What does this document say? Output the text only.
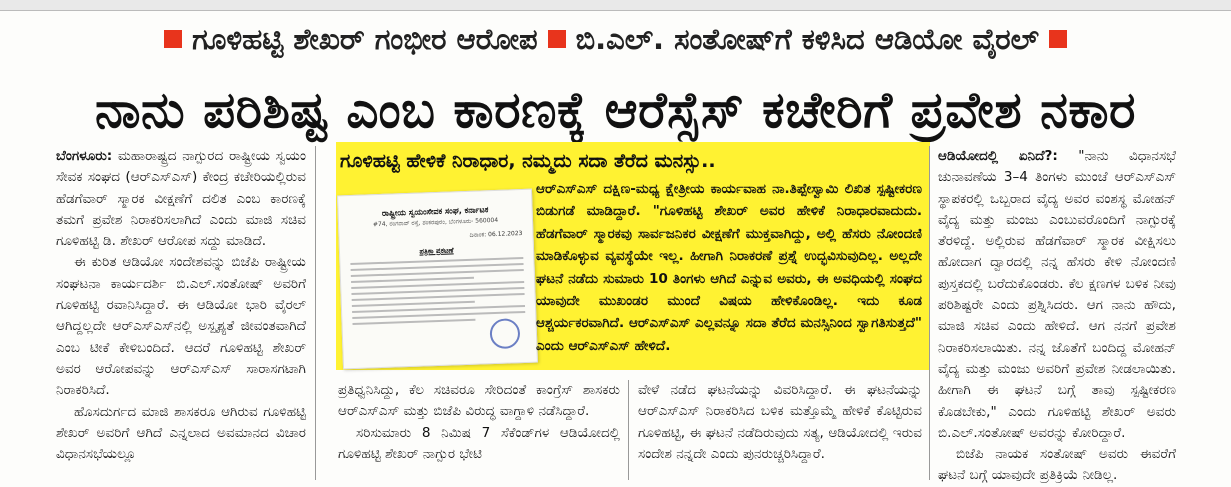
ಗೂಳಿಹಟ್ಟಿ ಶೇಖರ್ ಗಂಭೀರ ಆರೋಪ ಬಿ.ಎಲ್. ಸಂತೋಷ್‌ಗೆ ಕಳಿಸಿದ ಆಡಿಯೋ ವೈರಲ್
ನಾನು ಪರಿಶಿಷ್ಟ ಎಂಬ ಕಾರಣಕ್ಕೆ ಆರೆಸ್ಸೆಸ್ ಕಚೇರಿಗೆ ಪ್ರವೇಶ ನಕಾರ

ಬೆಂಗಳೂರು: ಮಹಾರಾಷ್ಟ್ರದ ನಾಗ್ಪುರದ ರಾಷ್ಟ್ರೀಯ ಸ್ವಯಂ ಸೇವಕ ಸಂಘದ (ಆರ್‌ಎಸ್‌ಎಸ್) ಕೇಂದ್ರ ಕಚೇರಿಯಲ್ಲಿರುವ ಹೆಡಗೆವಾರ್ ಸ್ಮಾರಕ ವೀಕ್ಷಣೆಗೆ ದಲಿತ ಎಂಬ ಕಾರಣಕ್ಕೆ ತಮಗೆ ಪ್ರವೇಶ ನಿರಾಕರಿಸಲಾಗಿದೆ ಎಂದು ಮಾಜಿ ಸಚಿವ ಗೂಳಿಹಟ್ಟಿ ಡಿ. ಶೇಖರ್ ಆರೋಪ ಸದ್ದು ಮಾಡಿದೆ.

ಈ ಕುರಿತ ಆಡಿಯೋ ಸಂದೇಶವನ್ನು ಬಿಜೆಪಿ ರಾಷ್ಟ್ರೀಯ ಸಂಘಟನಾ ಕಾರ್ಯದರ್ಶಿ ಬಿ.ಎಲ್.ಸಂತೋಷ್ ಅವರಿಗೆ ಗೂಳಿಹಟ್ಟಿ ರವಾನಿಸಿದ್ದಾರೆ. ಈ ಆಡಿಯೋ ಭಾರಿ ವೈರಲ್ ಆಗಿದ್ದಲ್ಲದೇ ಆರ್‌ಎಸ್‌ಎಸ್‌ನಲ್ಲಿ ಅಸ್ಪೃಶ್ಯತೆ ಜೀವಂತವಾಗಿದೆ ಎಂಬ ಟೀಕೆ ಕೇಳಿಬಂದಿದೆ. ಆದರೆ ಗೂಳಿಹಟ್ಟಿ ಶೇಖರ್ ಅವರ ಆರೋಪವನ್ನು ಆರ್‌ಎಸ್‌ಎಸ್ ಸಾರಾಸಗಟಾಗಿ ನಿರಾಕರಿಸಿದೆ.

ಹೊಸದುರ್ಗದ ಮಾಜಿ ಶಾಸಕರೂ ಆಗಿರುವ ಗೂಳಿಹಟ್ಟಿ ಶೇಖರ್ ಅವರಿಗೆ ಆಗಿದೆ ಎನ್ನಲಾದ ಅವಮಾನದ ವಿಚಾರ ವಿಧಾನಸಭೆಯಲ್ಲೂ

ಗೂಳಿಹಟ್ಟಿ ಹೇಳಿಕೆ ನಿರಾಧಾರ, ನಮ್ಮದು ಸದಾ ತೆರೆದ ಮನಸ್ಸು..
ರಾಷ್ಟ್ರೀಯ ಸ್ವಯಂಸೇವಕ ಸಂಘ, ಕರ್ನಾಟಕ
#74, ರಂಗರಾವ್ ರಸ್ತೆ, ಶಂಕರಪುರಂ, ಬೆಂಗಳೂರು- 560004
ದಿನಾಂಕ: 06.12.2023
ಪತ್ರಿಕಾ ಪ್ರಕಟಣೆ
ಆರ್‌ಎಸ್‌ಎಸ್ ದಕ್ಷಿಣ-ಮಧ್ಯ ಕ್ಷೇತ್ರೀಯ ಕಾರ್ಯವಾಹ ನಾ.ತಿಪ್ಪೇಸ್ವಾಮಿ ಲಿಖಿತ ಸ್ಪಷ್ಟೀಕರಣ ಬಿಡುಗಡೆ ಮಾಡಿದ್ದಾರೆ. "ಗೂಳಿಹಟ್ಟಿ ಶೇಖರ್ ಅವರ ಹೇಳಿಕೆ ನಿರಾಧಾರವಾದುದು. ಹೆಡಗೆವಾರ್ ಸ್ಮಾರಕವು ಸಾರ್ವಜನಿಕರ ವೀಕ್ಷಣೆಗೆ ಮುಕ್ತವಾಗಿದ್ದು, ಅಲ್ಲಿ ಹೆಸರು ನೋಂದಣಿ ಮಾಡಿಕೊಳ್ಳುವ ವ್ಯವಸ್ಥೆಯೇ ಇಲ್ಲ. ಹೀಗಾಗಿ ನಿರಾಕರಣೆ ಪ್ರಶ್ನೆ ಉದ್ಭವಿಸುವುದಿಲ್ಲ. ಅಲ್ಲದೇ ಘಟನೆ ನಡೆದು ಸುಮಾರು 10 ತಿಂಗಳು ಆಗಿದೆ ಎನ್ನುವ ಅವರು, ಈ ಅವಧಿಯಲ್ಲಿ ಸಂಘದ ಯಾವುದೇ ಮುಖಂಡರ ಮುಂದೆ ವಿಷಯ ಹೇಳಿಕೊಂಡಿಲ್ಲ. ಇದು ಕೂಡ ಆಶ್ಚರ್ಯಕರವಾಗಿದೆ. ಆರ್‌ಎಸ್‌ಎಸ್ ಎಲ್ಲವನ್ನೂ ಸದಾ ತೆರೆದ ಮನಸ್ಸಿನಿಂದ ಸ್ವಾಗತಿಸುತ್ತದೆ" ಎಂದು ಆರ್‌ಎಸ್‌ಎಸ್ ಹೇಳಿದೆ.

ಪ್ರತಿಧ್ವನಿಸಿದ್ದು, ಕೆಲ ಸಚಿವರೂ ಸೇರಿದಂತೆ ಕಾಂಗ್ರೆಸ್ ಶಾಸಕರು ಆರ್‌ಎಸ್‌ಎಸ್ ಮತ್ತು ಬಿಜೆಪಿ ವಿರುದ್ಧ ವಾಗ್ದಾಳಿ ನಡೆಸಿದ್ದಾರೆ.

ಸರಿಸುಮಾರು 8 ನಿಮಿಷ 7 ಸೆಕೆಂಡ್‌ಗಳ ಆಡಿಯೋದಲ್ಲಿ ಗೂಳಿಹಟ್ಟಿ ಶೇಖರ್ ನಾಗ್ಪುರ ಭೇಟಿ

ವೇಳೆ ನಡೆದ ಘಟನೆಯನ್ನು ವಿವರಿಸಿದ್ದಾರೆ. ಈ ಘಟನೆಯನ್ನು ಆರ್‌ಎಸ್‌ಎಸ್ ನಿರಾಕರಿಸಿದ ಬಳಿಕ ಮತ್ತೊಮ್ಮೆ ಹೇಳಿಕೆ ಕೊಟ್ಟಿರುವ ಗೂಳಿಹಟ್ಟಿ, ಈ ಘಟನೆ ನಡೆದಿರುವುದು ಸತ್ಯ, ಆಡಿಯೋದಲ್ಲಿ ಇರುವ ಸಂದೇಶ ನನ್ನದೇ ಎಂದು ಪುನರುಚ್ಚರಿಸಿದ್ದಾರೆ.

ಆಡಿಯೋದಲ್ಲಿ ಏನಿದೆ?: "ನಾನು ವಿಧಾನಸಭೆ ಚುನಾವಣೆಯ 3–4 ತಿಂಗಳು ಮುಂಚೆ ಆರ್‌ಎಸ್‌ಎಸ್ ಸ್ಥಾಪಕರಲ್ಲಿ ಒಬ್ಬರಾದ ವೈದ್ಯ ಅವರ ವಂಶಸ್ಥ ಮೋಹನ್ ವೈದ್ಯ ಮತ್ತು ಮಂಜು ಎಂಬುವರೊಂದಿಗೆ ನಾಗ್ಪುರಕ್ಕೆ ತೆರಳಿದ್ದೆ. ಅಲ್ಲಿರುವ ಹೆಡಗೆವಾರ್ ಸ್ಮಾರಕ ವೀಕ್ಷಿಸಲು ಹೋದಾಗ ದ್ವಾರದಲ್ಲಿ ನನ್ನ ಹೆಸರು ಕೇಳಿ ನೋಂದಣಿ ಪುಸ್ತಕದಲ್ಲಿ ಬರೆದುಕೊಂಡರು. ಕೆಲ ಕ್ಷಣಗಳ ಬಳಿಕ ನೀವು ಪರಿಶಿಷ್ಟರೇ ಎಂದು ಪ್ರಶ್ನಿಸಿದರು. ಆಗ ನಾನು ಹೌದು, ಮಾಜಿ ಸಚಿವ ಎಂದು ಹೇಳಿದೆ. ಆಗ ನನಗೆ ಪ್ರವೇಶ ನಿರಾಕರಿಸಲಾಯಿತು. ನನ್ನ ಜೊತೆಗೆ ಬಂದಿದ್ದ ಮೋಹನ್ ವೈದ್ಯ ಮತ್ತು ಮಂಜು ಅವರಿಗೆ ಪ್ರವೇಶ ನೀಡಲಾಯಿತು. ಹೀಗಾಗಿ ಈ ಘಟನೆ ಬಗ್ಗೆ ತಾವು ಸ್ಪಷ್ಟೀಕರಣ ಕೊಡಬೇಕು," ಎಂದು ಗೂಳಿಹಟ್ಟಿ ಶೇಖರ್ ಅವರು ಬಿ.ಎಲ್.ಸಂತೋಷ್ ಅವರನ್ನು ಕೋರಿದ್ದಾರೆ.

ಬಿಜೆಪಿ ನಾಯಕ ಸಂತೋಷ್ ಅವರು ಈವರೆಗೆ ಘಟನೆ ಬಗ್ಗೆ ಯಾವುದೇ ಪ್ರತಿಕ್ರಿಯೆ ನೀಡಿಲ್ಲ.
